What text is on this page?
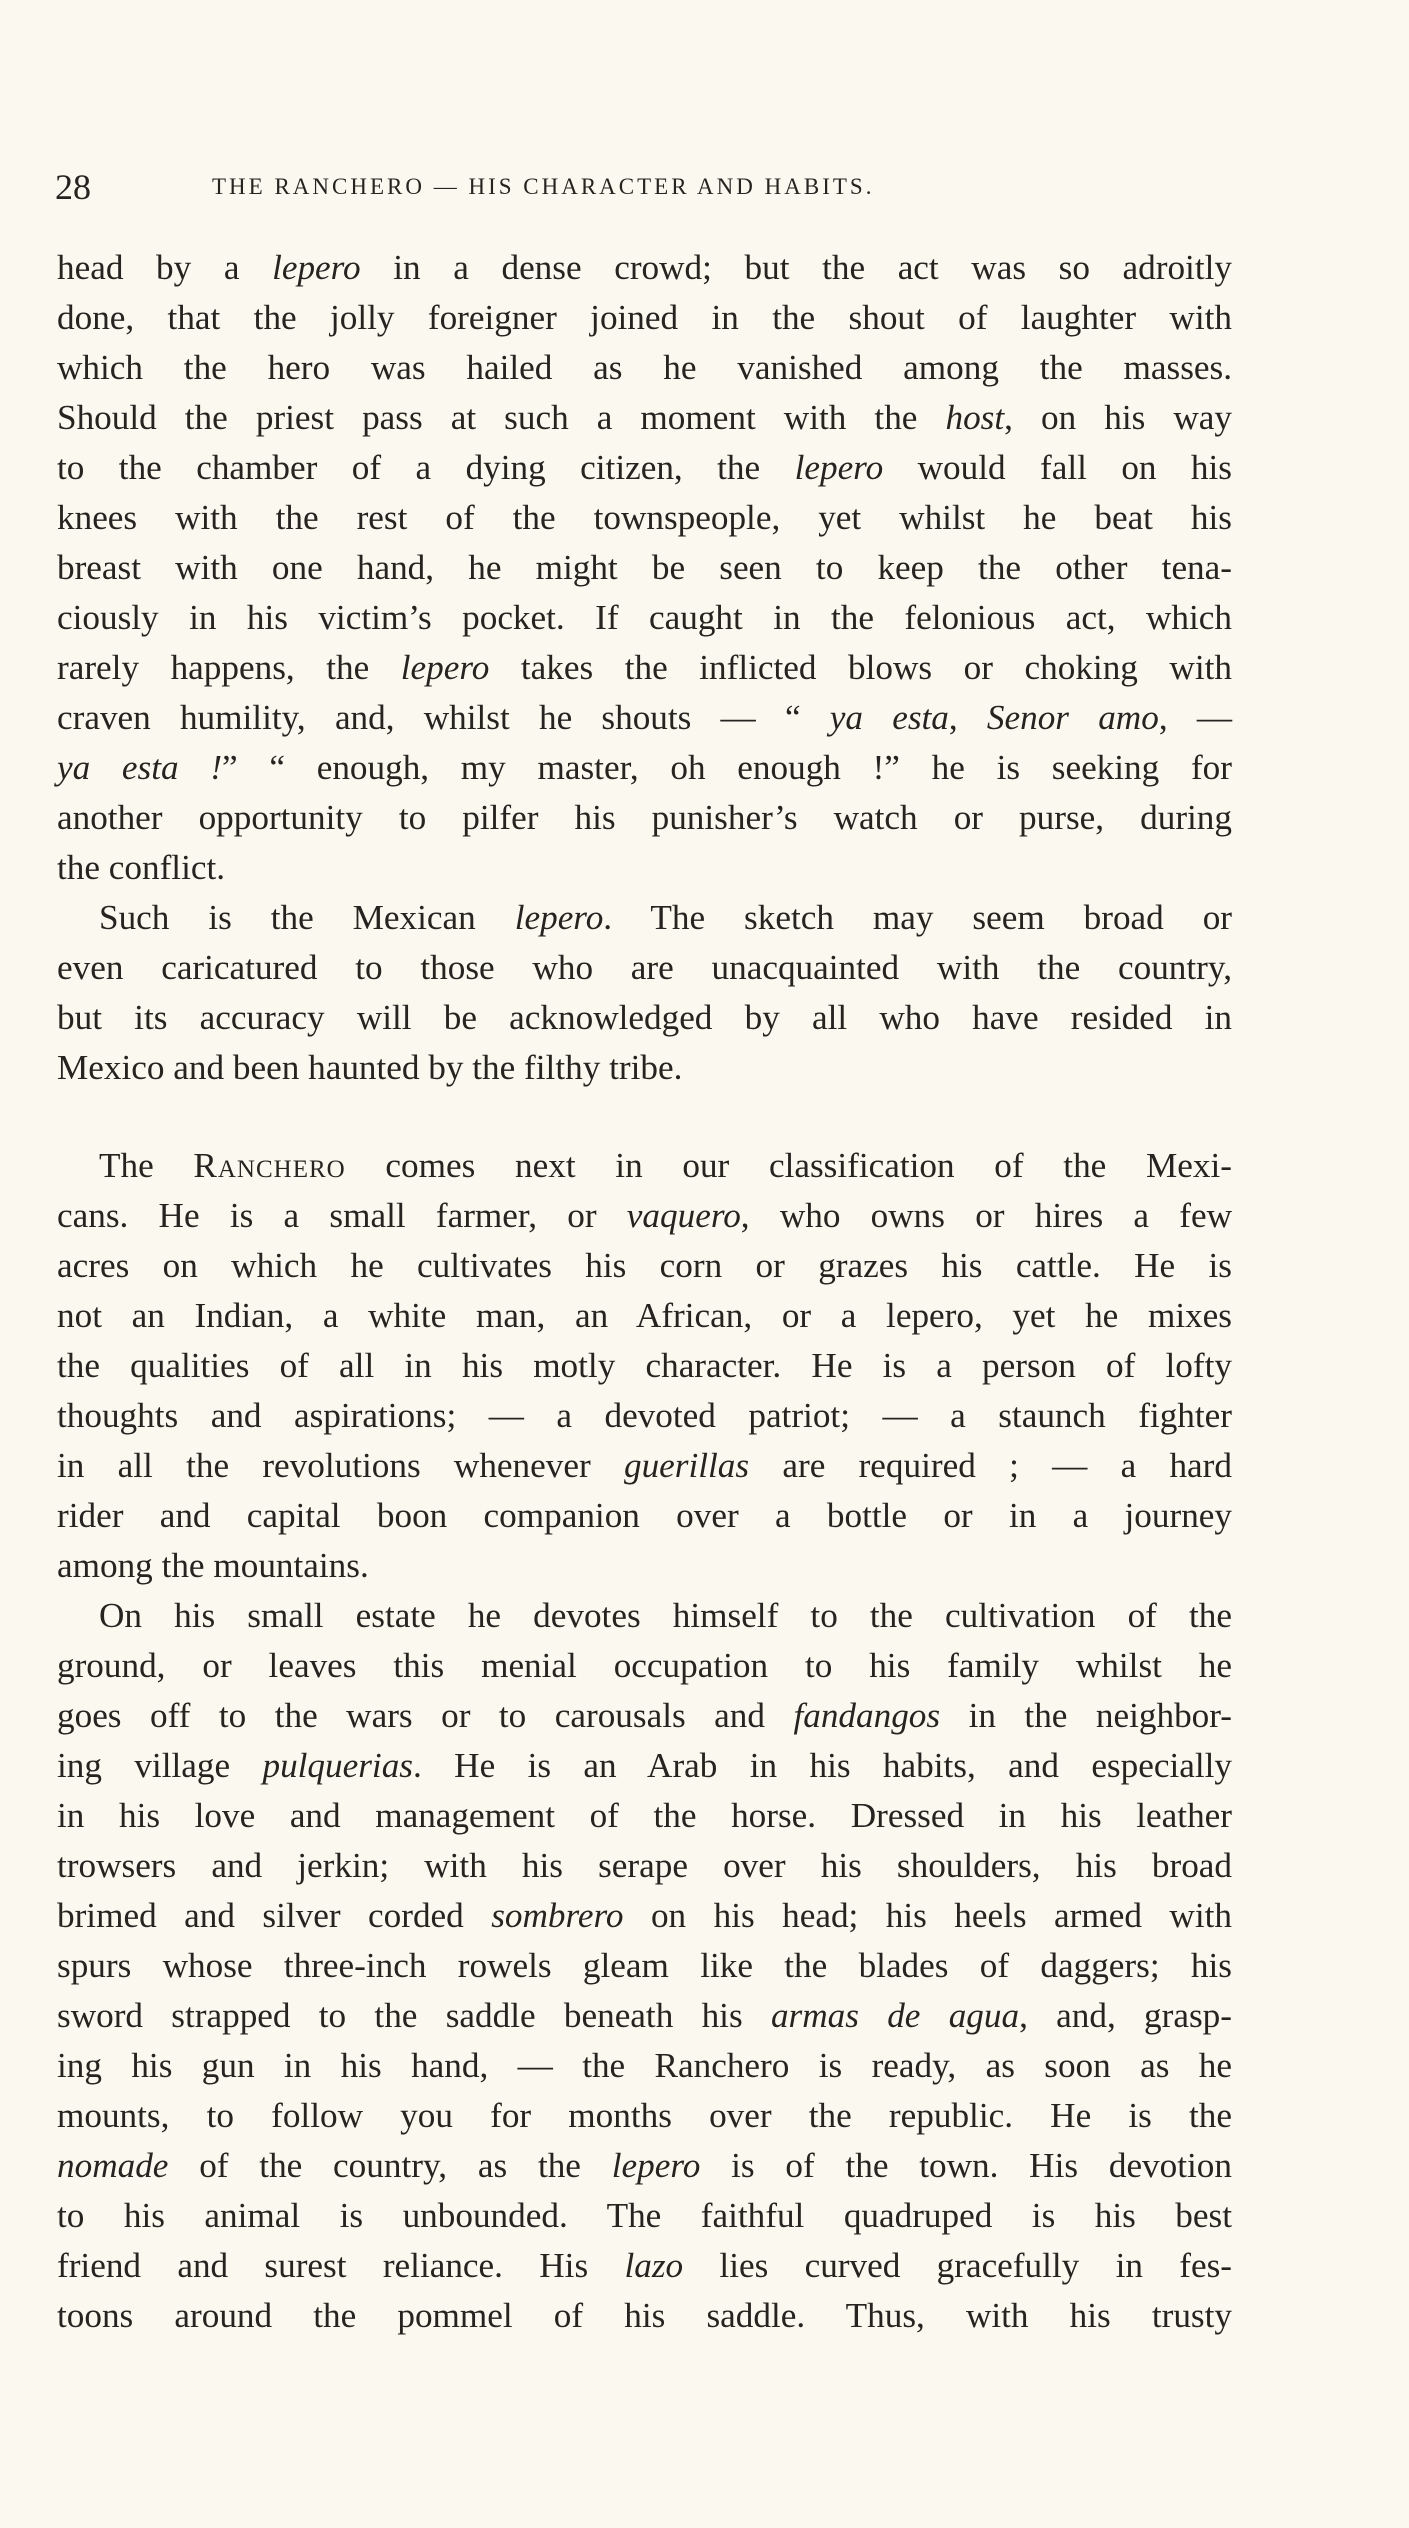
28	THE RANCHERO — HIS CHARACTER AND HABITS.
head by a lepero in a dense crowd; but the act was so adroitly
done, that the jolly foreigner joined in the shout of laughter with
which the hero was hailed as he vanished among the masses.
Should the priest pass at such a moment with the host, on his way
to the chamber of a dying citizen, the lepero would fall on his
knees with the rest of the townspeople, yet whilst he beat his
breast with one hand, he might be seen to keep the other tena-
ciously in his victim’s pocket. If caught in the felonious act, which
rarely happens, the lepero takes the inflicted blows or choking with
craven humility, and, whilst he shouts — “ ya esta, Senor amo, —
ya esta !” “ enough, my master, oh enough !” he is seeking for
another opportunity to pilfer his punisher’s watch or purse, during
the conflict.
Such is the Mexican lepero. The sketch may seem broad or
even caricatured to those who are unacquainted with the country,
but its accuracy will be acknowledged by all who have resided in
Mexico and been haunted by the filthy tribe.
The Ranchero comes next in our classification of the Mexi-
cans. He is a small farmer, or vaquero, who owns or hires a few
acres on which he cultivates his corn or grazes his cattle. He is
not an Indian, a white man, an African, or a lepero, yet he mixes
the qualities of all in his motly character. He is a person of lofty
thoughts and aspirations; — a devoted patriot; — a staunch fighter
in all the revolutions whenever guerillas are required ; — a hard
rider and capital boon companion over a bottle or in a journey
among the mountains.
On his small estate he devotes himself to the cultivation of the
ground, or leaves this menial occupation to his family whilst he
goes off to the wars or to carousals and fandangos in the neighbor-
ing village pulquerias. He is an Arab in his habits, and especially
in his love and management of the horse. Dressed in his leather
trowsers and jerkin; with his serape over his shoulders, his broad
brimed and silver corded sombrero on his head; his heels armed with
spurs whose three-inch rowels gleam like the blades of daggers; his
sword strapped to the saddle beneath his armas de agua, and, grasp-
ing his gun in his hand, — the Ranchero is ready, as soon as he
mounts, to follow you for months over the republic. He is the
nomade of the country, as the lepero is of the town. His devotion
to his animal is unbounded. The faithful quadruped is his best
friend and surest reliance. His lazo lies curved gracefully in fes-
toons around the pommel of his saddle. Thus, with his trusty
